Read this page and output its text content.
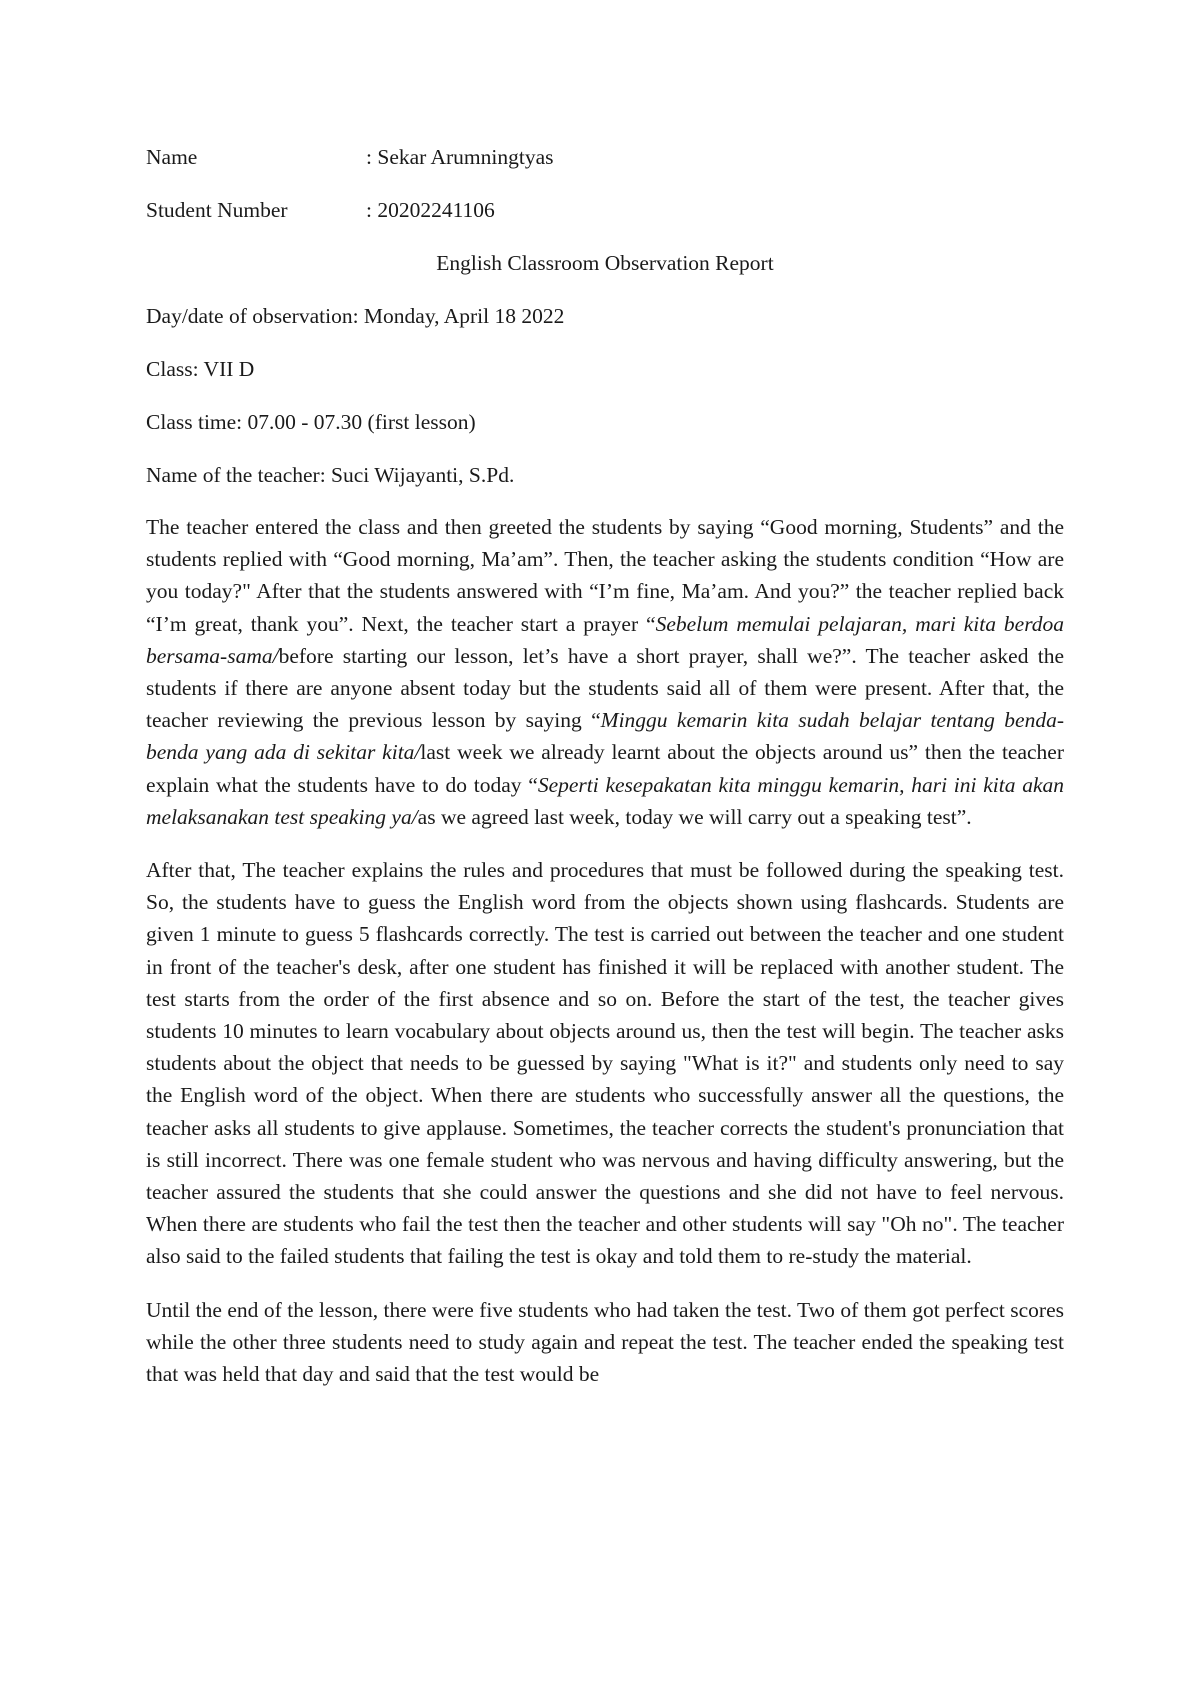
Name	: Sekar Arumningtyas
Student Number	: 20202241106
English Classroom Observation Report
Day/date of observation: Monday, April 18 2022
Class: VII D
Class time: 07.00 - 07.30 (first lesson)
Name of the teacher: Suci Wijayanti, S.Pd.

The teacher entered the class and then greeted the students by saying “Good morning, Students” and the students replied with “Good morning, Ma’am”. Then, the teacher asking the students condition “How are you today?" After that the students answered with “I’m fine, Ma’am. And you?” the teacher replied back “I’m great, thank you”. Next, the teacher start a prayer “Sebelum memulai pelajaran, mari kita berdoa bersama-sama/before starting our lesson, let’s have a short prayer, shall we?”. The teacher asked the students if there are anyone absent today but the students said all of them were present. After that, the teacher reviewing the previous lesson by saying “Minggu kemarin kita sudah belajar tentang benda-benda yang ada di sekitar kita/last week we already learnt about the objects around us” then the teacher explain what the students have to do today “Seperti kesepakatan kita minggu kemarin, hari ini kita akan melaksanakan test speaking ya/as we agreed last week, today we will carry out a speaking test”.

After that, The teacher explains the rules and procedures that must be followed during the speaking test. So, the students have to guess the English word from the objects shown using flashcards. Students are given 1 minute to guess 5 flashcards correctly. The test is carried out between the teacher and one student in front of the teacher's desk, after one student has finished it will be replaced with another student. The test starts from the order of the first absence and so on. Before the start of the test, the teacher gives students 10 minutes to learn vocabulary about objects around us, then the test will begin. The teacher asks students about the object that needs to be guessed by saying "What is it?" and students only need to say the English word of the object. When there are students who successfully answer all the questions, the teacher asks all students to give applause. Sometimes, the teacher corrects the student's pronunciation that is still incorrect. There was one female student who was nervous and having difficulty answering, but the teacher assured the students that she could answer the questions and she did not have to feel nervous. When there are students who fail the test then the teacher and other students will say "Oh no". The teacher also said to the failed students that failing the test is okay and told them to re-study the material.

Until the end of the lesson, there were five students who had taken the test. Two of them got perfect scores while the other three students need to study again and repeat the test. The teacher ended the speaking test that was held that day and said that the test would be
